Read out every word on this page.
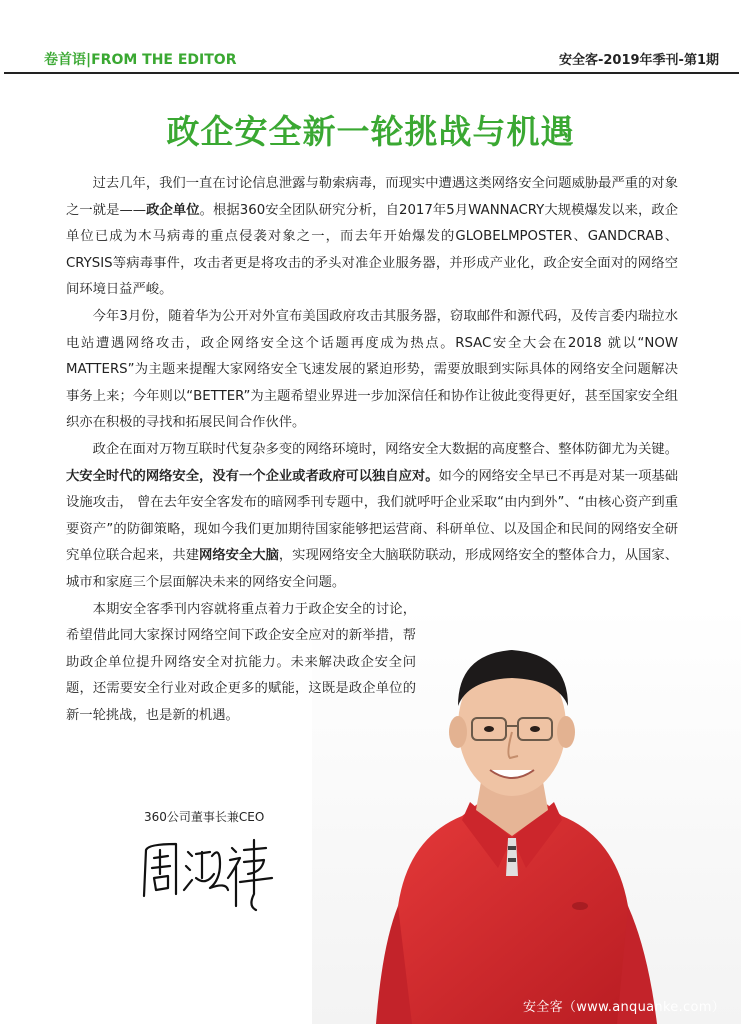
卷首语|FROM THE EDITOR	安全客-2019年季刊-第1期
政企安全新一轮挑战与机遇

过去几年，我们一直在讨论信息泄露与勒索病毒，而现实中遭遇这类网络安全问题威胁最严重的对象之一就是——政企单位。根据360安全团队研究分析，自2017年5月WANNACRY大规模爆发以来，政企单位已成为木马病毒的重点侵袭对象之一，而去年开始爆发的GLOBELMPOSTER、GANDCRAB、CRYSIS等病毒事件，攻击者更是将攻击的矛头对准企业服务器，并形成产业化，政企安全面对的网络空间环境日益严峻。

今年3月份，随着华为公开对外宣布美国政府攻击其服务器，窃取邮件和源代码，及传言委内瑞拉水电站遭遇网络攻击，政企网络安全这个话题再度成为热点。RSAC安全大会在2018 就以“NOW MATTERS”为主题来提醒大家网络安全飞速发展的紧迫形势，需要放眼到实际具体的网络安全问题解决事务上来；今年则以“BETTER”为主题希望业界进一步加深信任和协作让彼此变得更好，甚至国家安全组织亦在积极的寻找和拓展民间合作伙伴。

政企在面对万物互联时代复杂多变的网络环境时，网络安全大数据的高度整合、整体防御尤为关键。大安全时代的网络安全，没有一个企业或者政府可以独自应对。如今的网络安全早已不再是对某一项基础设施攻击， 曾在去年安全客发布的暗网季刊专题中，我们就呼吁企业采取“由内到外”、“由核心资产到重要资产”的防御策略，现如今我们更加期待国家能够把运营商、科研单位、以及国企和民间的网络安全研究单位联合起来，共建网络安全大脑，实现网络安全大脑联防联动，形成网络安全的整体合力，从国家、城市和家庭三个层面解决未来的网络安全问题。

本期安全客季刊内容就将重点着力于政企安全的讨论，希望借此同大家探讨网络空间下政企安全应对的新举措，帮助政企单位提升网络安全对抗能力。未来解决政企安全问题，还需要安全行业对政企更多的赋能，这既是政企单位的新一轮挑战，也是新的机遇。

360公司董事长兼CEO
安全客（www.anquanke.com）
